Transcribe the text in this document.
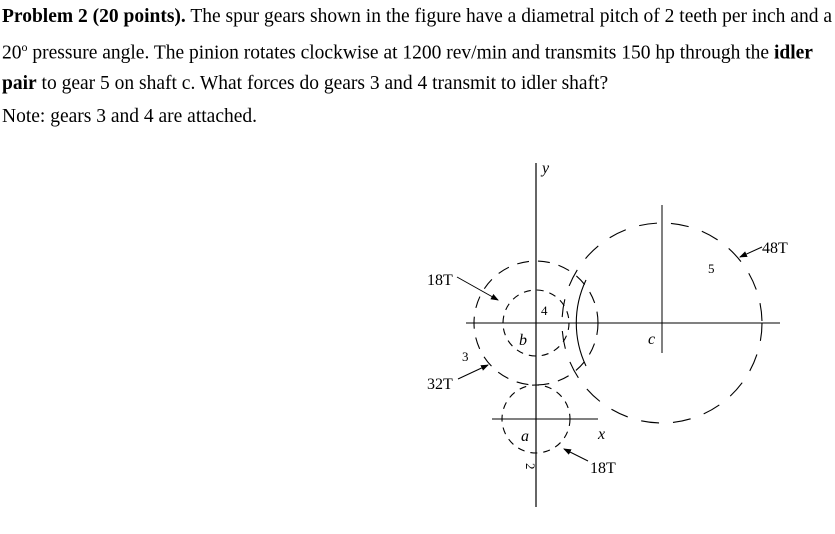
Problem 2 (20 points). The spur gears shown in the figure have a diametral pitch of 2 teeth per inch and a 20$^o$ pressure angle. The pinion rotates clockwise at 1200 rev/min and transmits 150 hp through the idler pair to gear 5 on shaft c. What forces do gears 3 and 4 transmit to idler shaft?

Note: gears 3 and 4 are attached.

y
x
b
a
c
4
3
2
5
18T
32T
18T
48T
